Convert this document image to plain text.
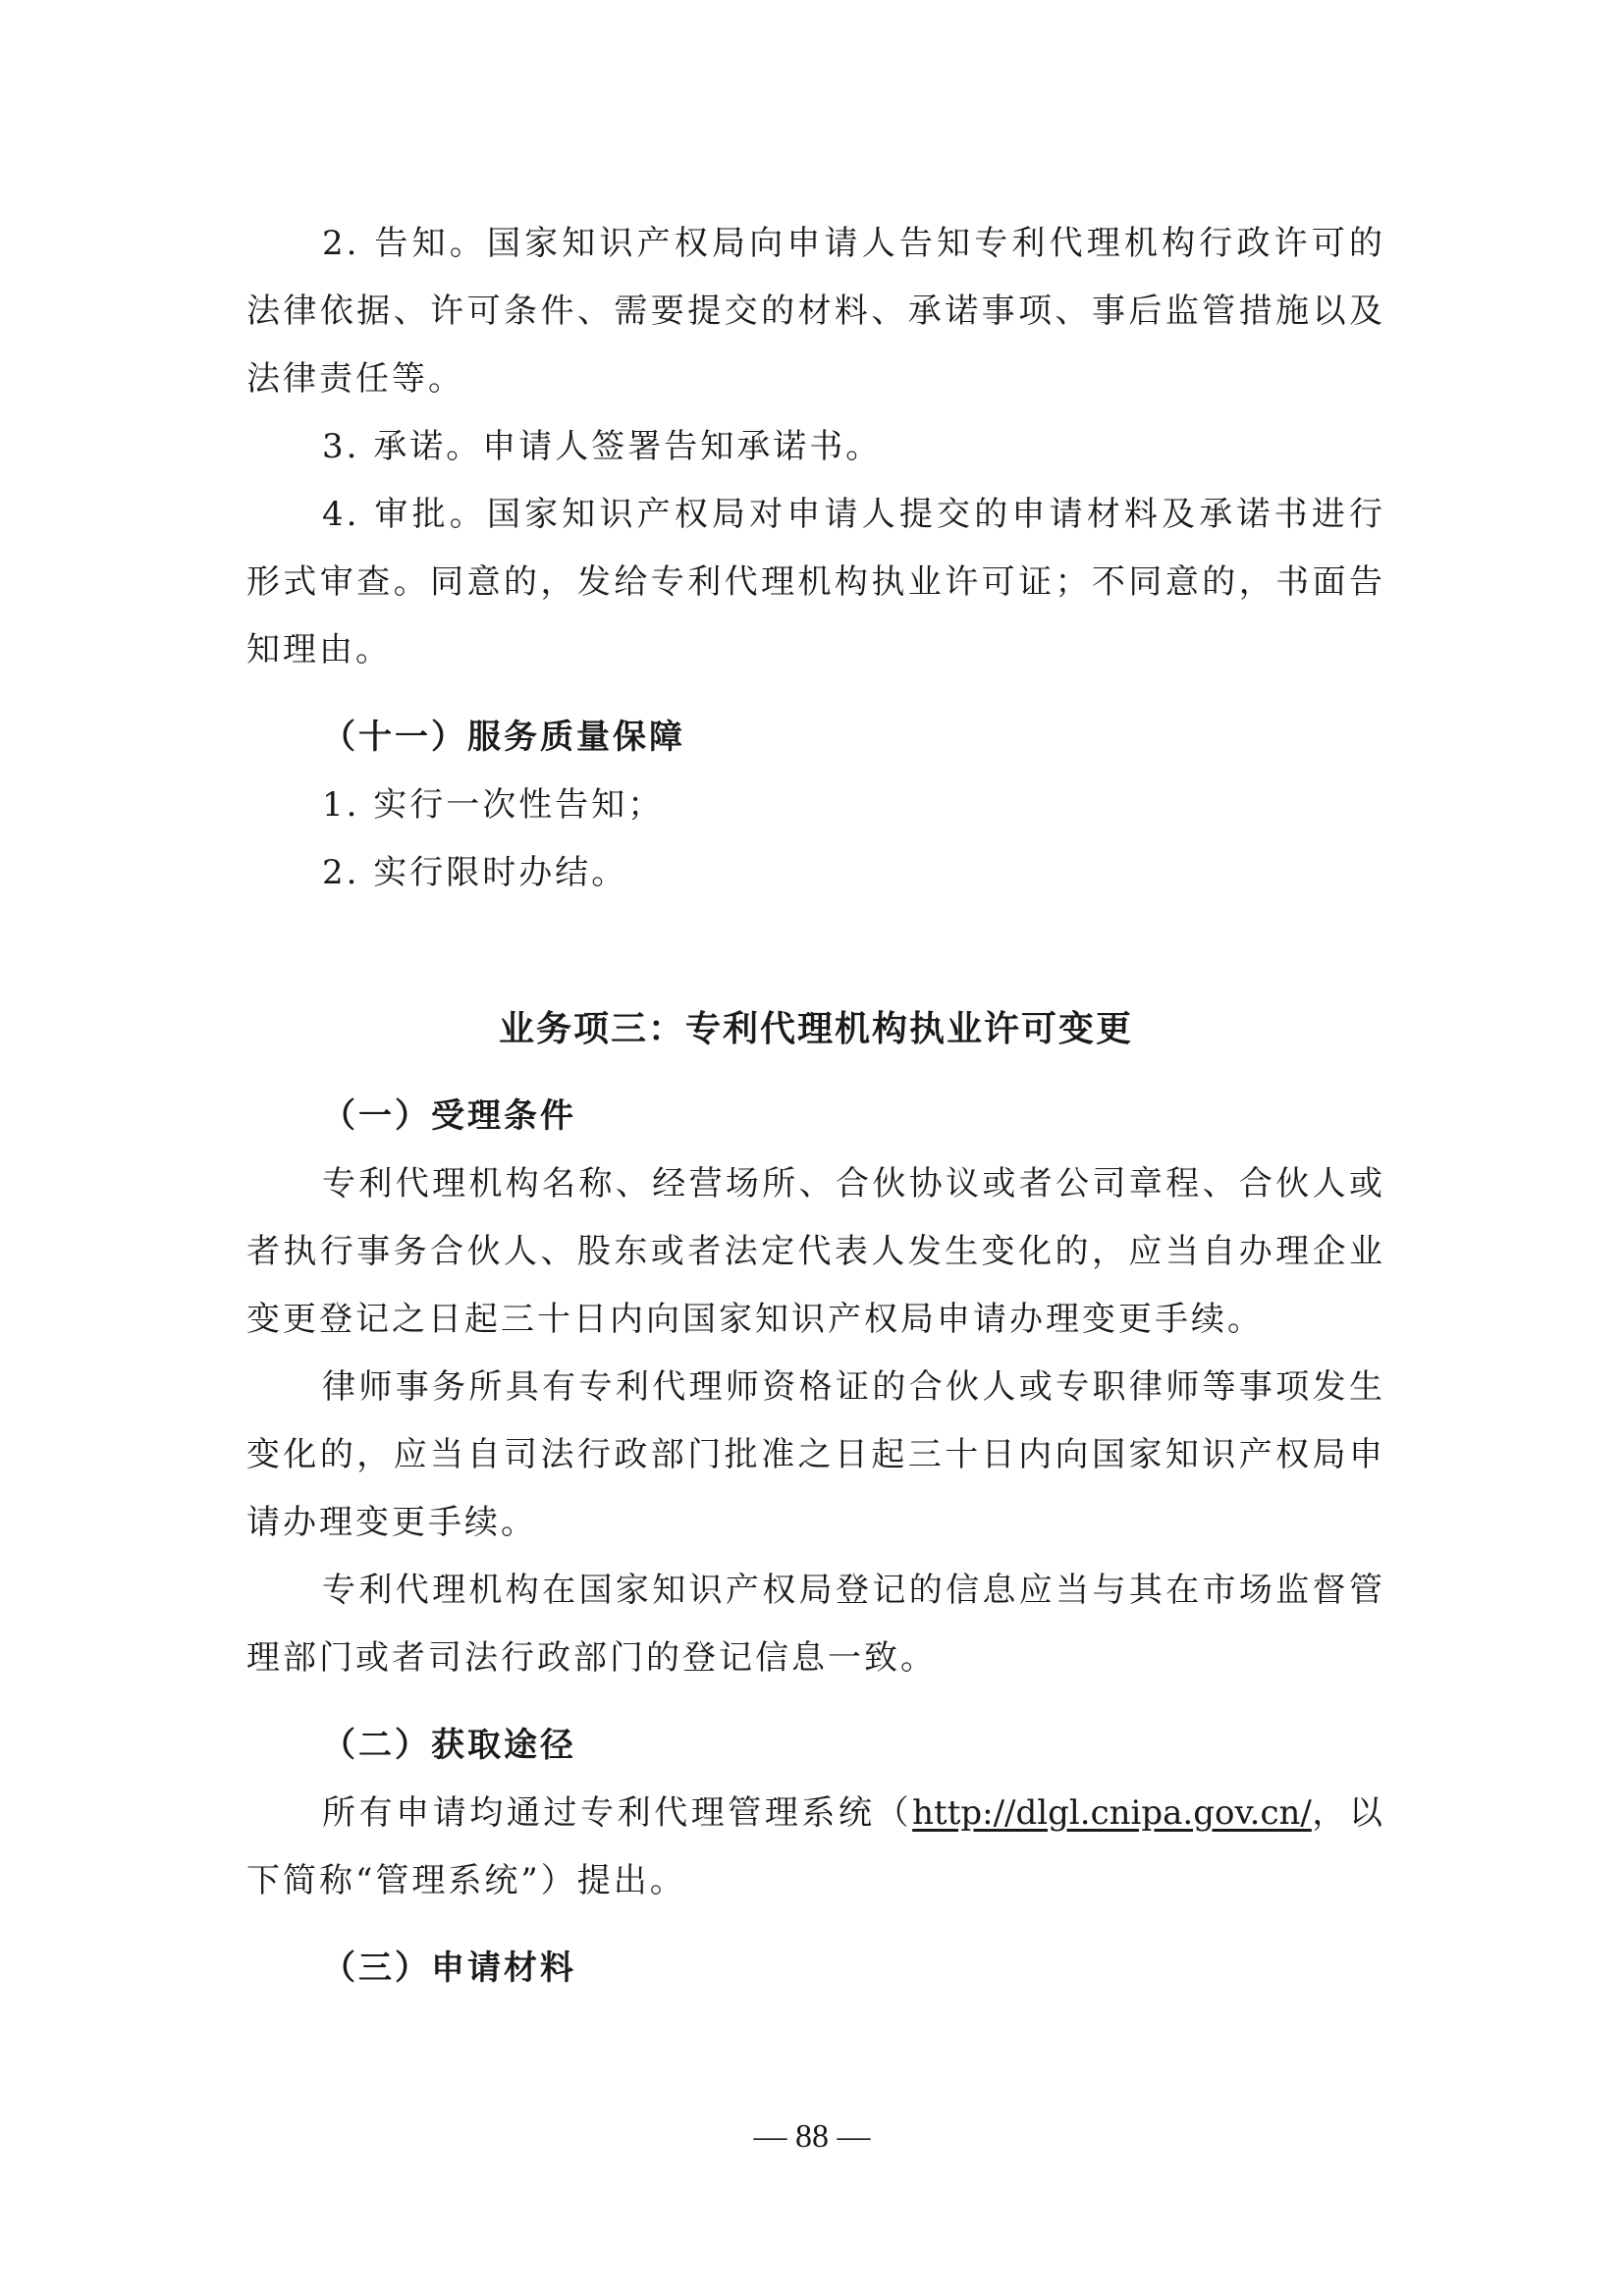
2. 告知。国家知识产权局向申请人告知专利代理机构行政许可的法律依据、许可条件、需要提交的材料、承诺事项、事后监管措施以及法律责任等。

3. 承诺。申请人签署告知承诺书。

4. 审批。国家知识产权局对申请人提交的申请材料及承诺书进行形式审查。同意的，发给专利代理机构执业许可证；不同意的，书面告知理由。

（十一）服务质量保障

1. 实行一次性告知；

2. 实行限时办结。

业务项三：专利代理机构执业许可变更

（一）受理条件

专利代理机构名称、经营场所、合伙协议或者公司章程、合伙人或者执行事务合伙人、股东或者法定代表人发生变化的，应当自办理企业变更登记之日起三十日内向国家知识产权局申请办理变更手续。

律师事务所具有专利代理师资格证的合伙人或专职律师等事项发生变化的，应当自司法行政部门批准之日起三十日内向国家知识产权局申请办理变更手续。

专利代理机构在国家知识产权局登记的信息应当与其在市场监督管理部门或者司法行政部门的登记信息一致。

（二）获取途径

所有申请均通过专利代理管理系统（http://dlgl.cnipa.gov.cn/，以下简称“管理系统”）提出。

（三）申请材料

— 88 —
